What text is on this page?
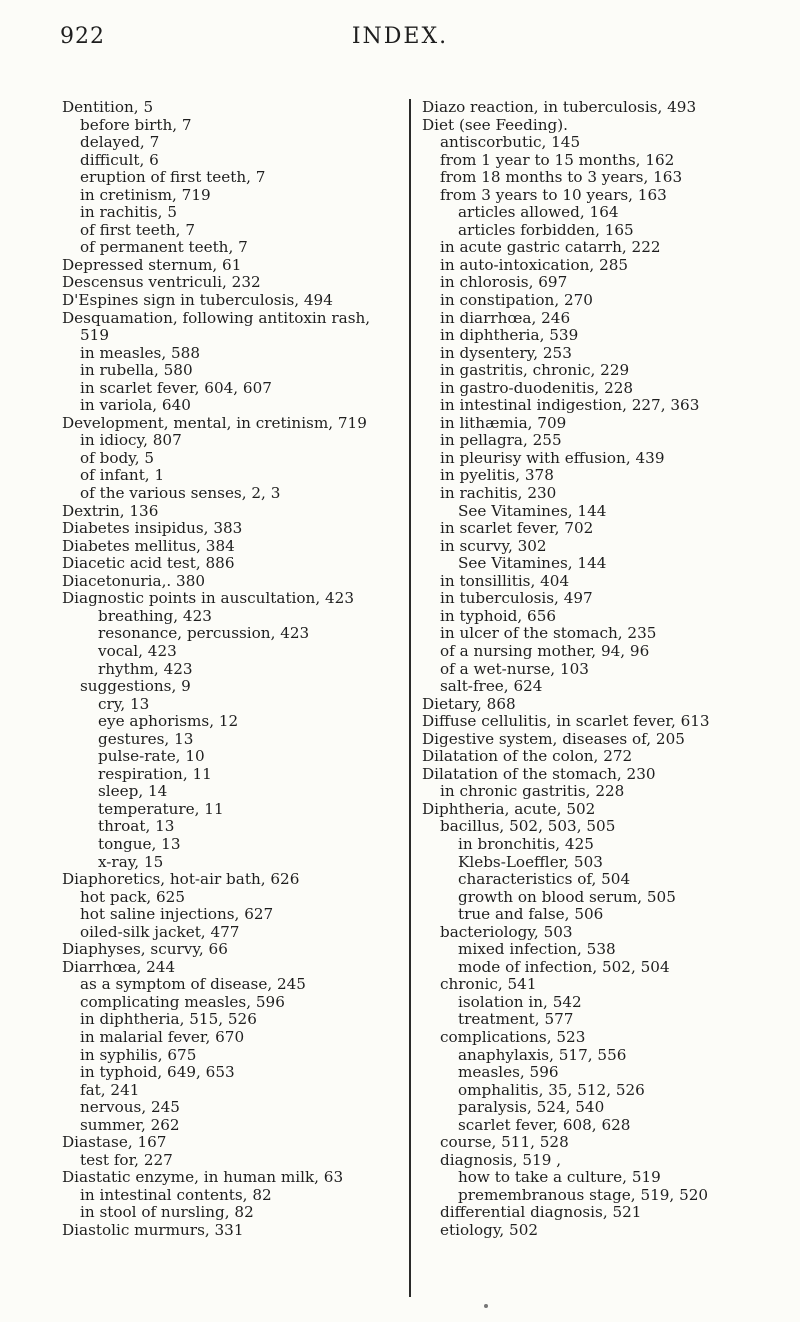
922	INDEX.
Dentition, 5
before birth, 7
delayed, 7
difficult, 6
eruption of first teeth, 7
in cretinism, 719
in rachitis, 5
of first teeth, 7
of permanent teeth, 7
Depressed sternum, 61
Descensus ventriculi, 232
D'Espines sign in tuberculosis, 494
Desquamation, following antitoxin rash,
519
in measles, 588
in rubella, 580
in scarlet fever, 604, 607
in variola, 640
Development, mental, in cretinism, 719
in idiocy, 807
of body, 5
of infant, 1
of the various senses, 2, 3
Dextrin, 136
Diabetes insipidus, 383
Diabetes mellitus, 384
Diacetic acid test, 886
Diacetonuria,. 380
Diagnostic points in auscultation, 423
breathing, 423
resonance, percussion, 423
vocal, 423
rhythm, 423
suggestions, 9
cry, 13
eye aphorisms, 12
gestures, 13
pulse-rate, 10
respiration, 11
sleep, 14
temperature, 11
throat, 13
tongue, 13
x-ray, 15
Diaphoretics, hot-air bath, 626
hot pack, 625
hot saline injections, 627
oiled-silk jacket, 477
Diaphyses, scurvy, 66
Diarrhœa, 244
as a symptom of disease, 245
complicating measles, 596
in diphtheria, 515, 526
in malarial fever, 670
in syphilis, 675
in typhoid, 649, 653
fat, 241
nervous, 245
summer, 262
Diastase, 167
test for, 227
Diastatic enzyme, in human milk, 63
in intestinal contents, 82
in stool of nursling, 82
Diastolic murmurs, 331
Diazo reaction, in tuberculosis, 493
Diet (see Feeding).
antiscorbutic, 145
from 1 year to 15 months, 162
from 18 months to 3 years, 163
from 3 years to 10 years, 163
articles allowed, 164
articles forbidden, 165
in acute gastric catarrh, 222
in auto-intoxication, 285
in chlorosis, 697
in constipation, 270
in diarrhœa, 246
in diphtheria, 539
in dysentery, 253
in gastritis, chronic, 229
in gastro-duodenitis, 228
in intestinal indigestion, 227, 363
in lithæmia, 709
in pellagra, 255
in pleurisy with effusion, 439
in pyelitis, 378
in rachitis, 230
See Vitamines, 144
in scarlet fever, 702
in scurvy, 302
See Vitamines, 144
in tonsillitis, 404
in tuberculosis, 497
in typhoid, 656
in ulcer of the stomach, 235
of a nursing mother, 94, 96
of a wet-nurse, 103
salt-free, 624
Dietary, 868
Diffuse cellulitis, in scarlet fever, 613
Digestive system, diseases of, 205
Dilatation of the colon, 272
Dilatation of the stomach, 230
in chronic gastritis, 228
Diphtheria, acute, 502
bacillus, 502, 503, 505
in bronchitis, 425
Klebs-Loeffler, 503
characteristics of, 504
growth on blood serum, 505
true and false, 506
bacteriology, 503
mixed infection, 538
mode of infection, 502, 504
chronic, 541
isolation in, 542
treatment, 577
complications, 523
anaphylaxis, 517, 556
measles, 596
omphalitis, 35, 512, 526
paralysis, 524, 540
scarlet fever, 608, 628
course, 511, 528
diagnosis, 519 ,
how to take a culture, 519
premembranous stage, 519, 520
differential diagnosis, 521
etiology, 502
